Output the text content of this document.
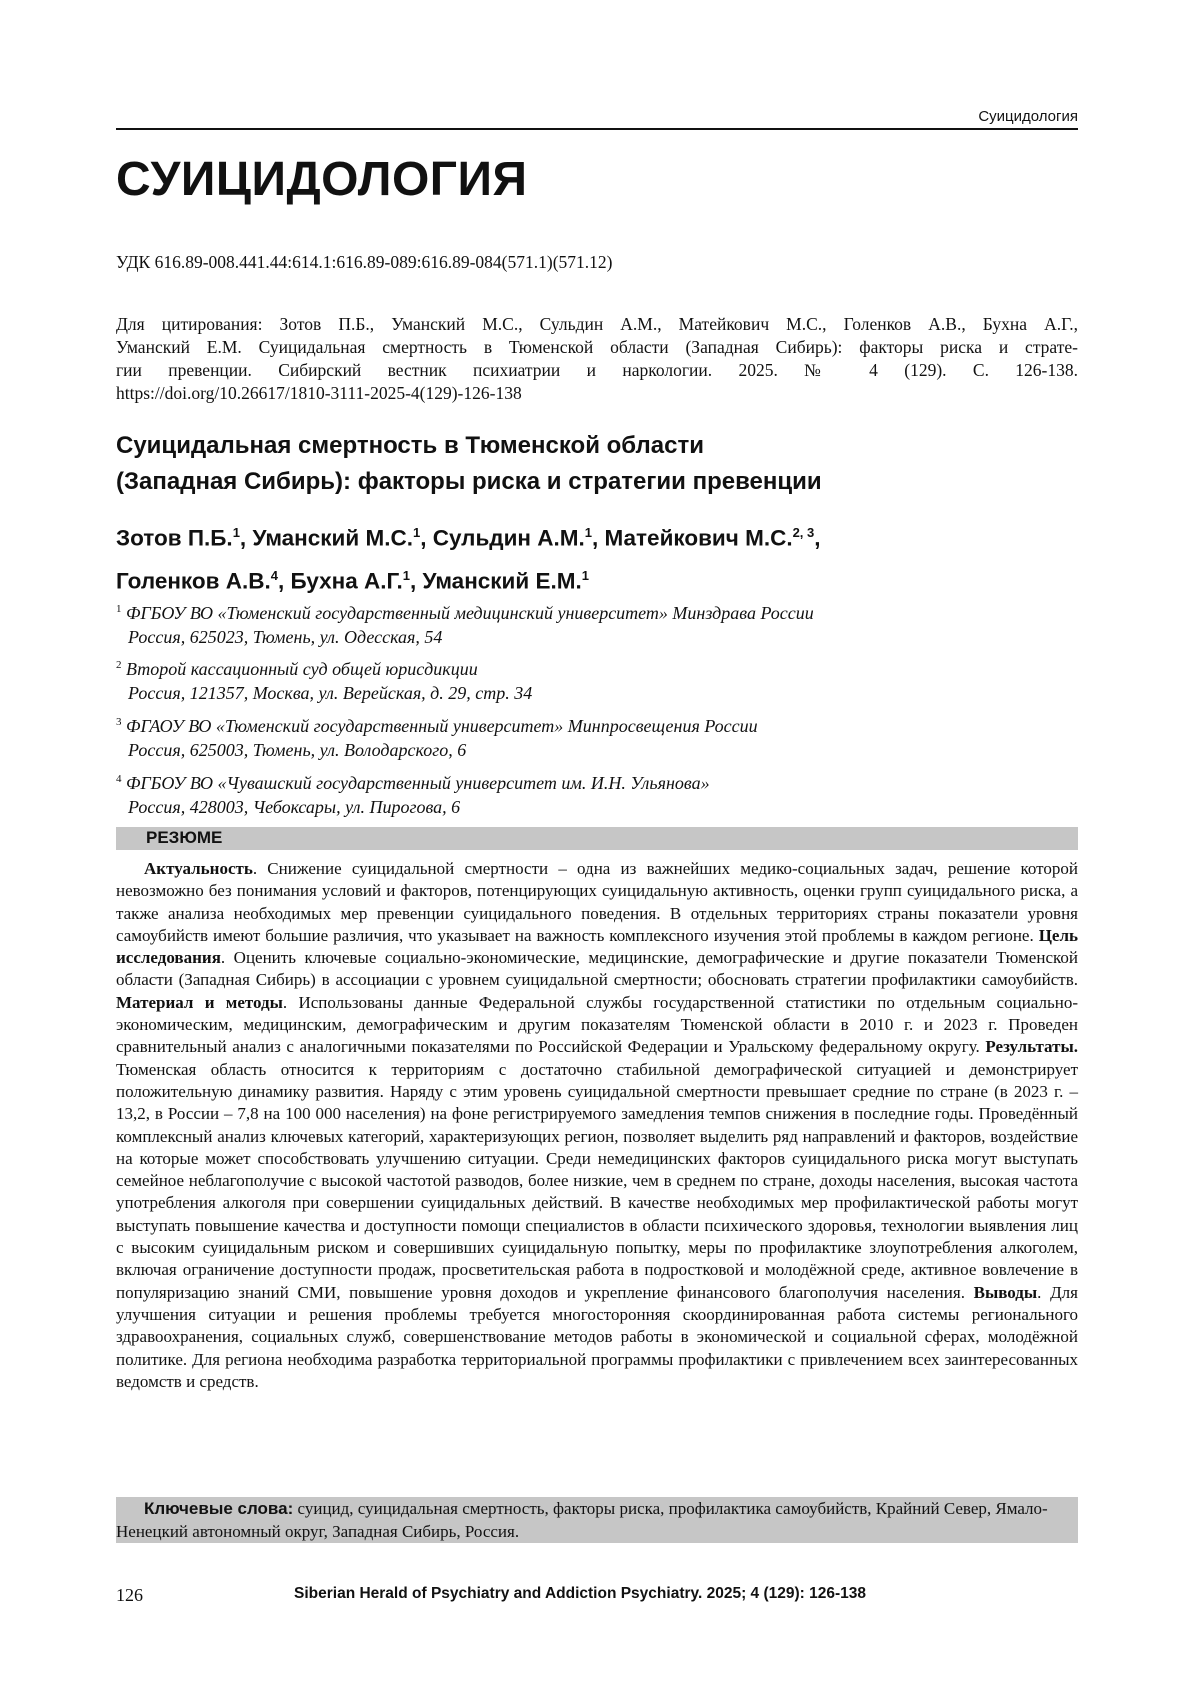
Суицидология
СУИЦИДОЛОГИЯ
УДК 616.89-008.441.44:614.1:616.89-089:616.89-084(571.1)(571.12)
Для цитирования: Зотов П.Б., Уманский М.С., Сульдин А.М., Матейкович М.С., Голенков А.В., Бухна А.Г.,
Уманский Е.М. Суицидальная смертность в Тюменской области (Западная Сибирь): факторы риска и страте-
гии превенции. Сибирский вестник психиатрии и наркологии. 2025. № 4 (129). С. 126-138.
https://doi.org/10.26617/1810-3111-2025-4(129)-126-138
Суицидальная смертность в Тюменской области
(Западная Сибирь): факторы риска и стратегии превенции
Зотов П.Б.$^1$, Уманский М.С.$^1$, Сульдин А.М.$^1$, Матейкович М.С.$^{2, 3}$,
Голенков А.В.$^4$, Бухна А.Г.$^1$, Уманский Е.М.$^1$
$^1$ ФГБОУ ВО «Тюменский государственный медицинский университет» Минздрава России
Россия, 625023, Тюмень, ул. Одесская, 54
$^2$ Второй кассационный суд общей юрисдикции
Россия, 121357, Москва, ул. Верейская, д. 29, стр. 34
$^3$ ФГАОУ ВО «Тюменский государственный университет» Минпросвещения России
Россия, 625003, Тюмень, ул. Володарского, 6
$^4$ ФГБОУ ВО «Чувашский государственный университет им. И.Н. Ульянова»
Россия, 428003, Чебоксары, ул. Пирогова, 6
РЕЗЮМЕ

Актуальность. Снижение суицидальной смертности – одна из важнейших медико-социальных задач, решение которой невозможно без понимания условий и факторов, потенцирующих суицидальную активность, оценки групп суицидального риска, а также анализа необходимых мер превенции суицидального поведения. В отдельных территориях страны показатели уровня самоубийств имеют большие различия, что указывает на важность комплексного изучения этой проблемы в каждом регионе. Цель исследования. Оценить ключевые социально-экономические, медицинские, демографические и другие показатели Тюменской области (Западная Сибирь) в ассоциации с уровнем суицидальной смертности; обосновать стратегии профилактики самоубийств. Материал и методы. Использованы данные Федеральной службы государственной статистики по отдельным социально-экономическим, медицинским, демографическим и другим показателям Тюменской области в 2010 г. и 2023 г. Проведен сравнительный анализ с аналогичными показателями по Российской Федерации и Уральскому федеральному округу. Результаты. Тюменская область относится к территориям с достаточно стабильной демографической ситуацией и демонстрирует положительную динамику развития. Наряду с этим уровень суицидальной смертности превышает средние по стране (в 2023 г. – 13,2, в России – 7,8 на 100 000 населения) на фоне регистрируемого замедления темпов снижения в последние годы. Проведённый комплексный анализ ключевых категорий, характеризующих регион, позволяет выделить ряд направлений и факторов, воздействие на которые может способствовать улучшению ситуации. Среди немедицинских факторов суицидального риска могут выступать семейное неблагополучие с высокой частотой разводов, более низкие, чем в среднем по стране, доходы населения, высокая частота употребления алкоголя при совершении суицидальных действий. В качестве необходимых мер профилактической работы могут выступать повышение качества и доступности помощи специалистов в области психического здоровья, технологии выявления лиц с высоким суицидальным риском и совершивших суицидальную попытку, меры по профилактике злоупотребления алкоголем, включая ограничение доступности продаж, просветительская работа в подростковой и молодёжной среде, активное вовлечение в популяризацию знаний СМИ, повышение уровня доходов и укрепление финансового благополучия населения. Выводы. Для улучшения ситуации и решения проблемы требуется многосторонняя скоординированная работа системы регионального здравоохранения, социальных служб, совершенствование методов работы в экономической и социальной сферах, молодёжной политике. Для региона необходима разработка территориальной программы профилактики с привлечением всех заинтересованных ведомств и средств.

Ключевые слова: суицид, суицидальная смертность, факторы риска, профилактика самоубийств, Крайний Север, Ямало-Ненецкий автономный округ, Западная Сибирь, Россия.
126	Siberian Herald of Psychiatry and Addiction Psychiatry. 2025; 4 (129): 126-138
